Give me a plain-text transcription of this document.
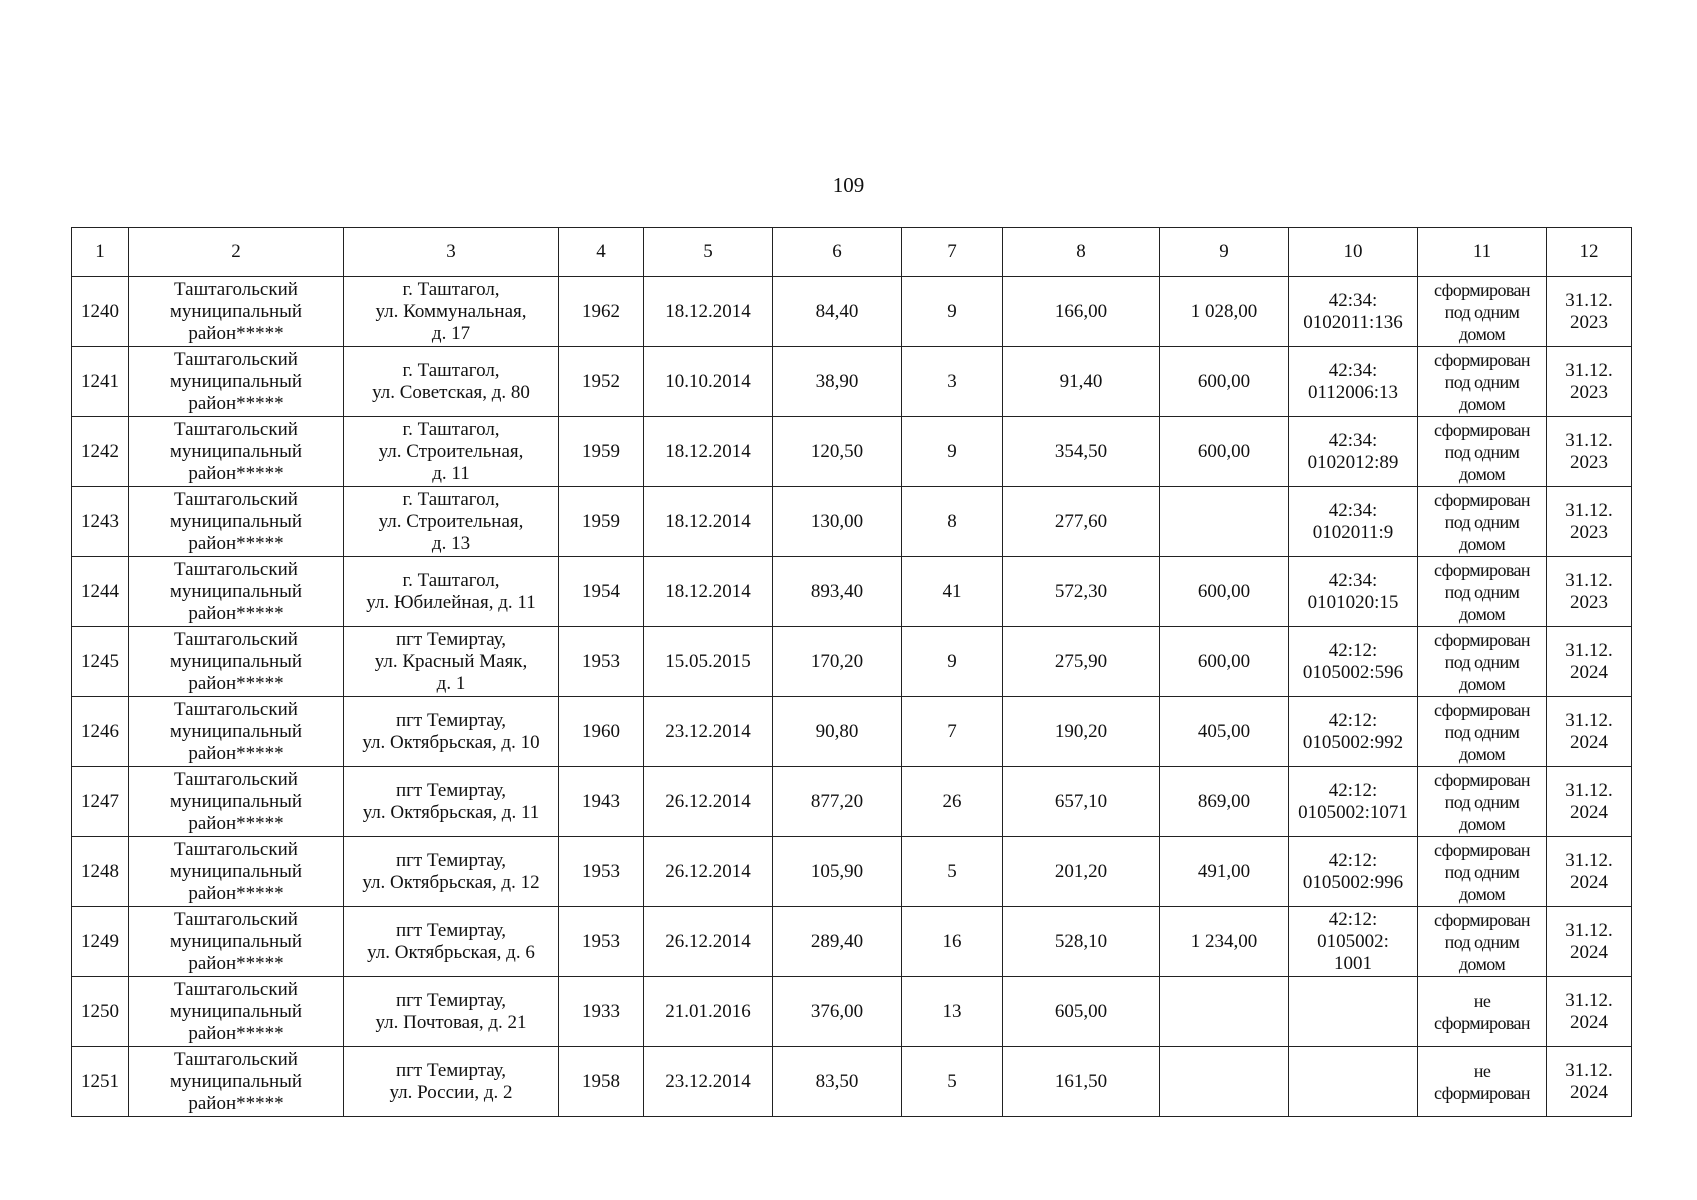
109
1	2	3	4	5	6	7	8	9	10	11	12
1240	Таштагольский
муниципальный
район*****	г. Таштагол,
ул. Коммунальная,
д. 17	1962	18.12.2014	84,40	9	166,00	1 028,00	42:34:
0102011:136	сформирован
под одним
домом	31.12.
2023

1241	Таштагольский
муниципальный
район*****	г. Таштагол,
ул. Советская, д. 80	1952	10.10.2014	38,90	3	91,40	600,00	42:34:
0112006:13	сформирован
под одним
домом	31.12.
2023

1242	Таштагольский
муниципальный
район*****	г. Таштагол,
ул. Строительная,
д. 11	1959	18.12.2014	120,50	9	354,50	600,00	42:34:
0102012:89	сформирован
под одним
домом	31.12.
2023

1243	Таштагольский
муниципальный
район*****	г. Таштагол,
ул. Строительная,
д. 13	1959	18.12.2014	130,00	8	277,60		42:34:
0102011:9	сформирован
под одним
домом	31.12.
2023

1244	Таштагольский
муниципальный
район*****	г. Таштагол,
ул. Юбилейная, д. 11	1954	18.12.2014	893,40	41	572,30	600,00	42:34:
0101020:15	сформирован
под одним
домом	31.12.
2023

1245	Таштагольский
муниципальный
район*****	пгт Темиртау,
ул. Красный Маяк,
д. 1	1953	15.05.2015	170,20	9	275,90	600,00	42:12:
0105002:596	сформирован
под одним
домом	31.12.
2024

1246	Таштагольский
муниципальный
район*****	пгт Темиртау,
ул. Октябрьская, д. 10	1960	23.12.2014	90,80	7	190,20	405,00	42:12:
0105002:992	сформирован
под одним
домом	31.12.
2024

1247	Таштагольский
муниципальный
район*****	пгт Темиртау,
ул. Октябрьская, д. 11	1943	26.12.2014	877,20	26	657,10	869,00	42:12:
0105002:1071	сформирован
под одним
домом	31.12.
2024

1248	Таштагольский
муниципальный
район*****	пгт Темиртау,
ул. Октябрьская, д. 12	1953	26.12.2014	105,90	5	201,20	491,00	42:12:
0105002:996	сформирован
под одним
домом	31.12.
2024

1249	Таштагольский
муниципальный
район*****	пгт Темиртау,
ул. Октябрьская, д. 6	1953	26.12.2014	289,40	16	528,10	1 234,00	42:12:
0105002:
1001	сформирован
под одним
домом	31.12.
2024

1250	Таштагольский
муниципальный
район*****	пгт Темиртау,
ул. Почтовая, д. 21	1933	21.01.2016	376,00	13	605,00			не
сформирован	31.12.
2024

1251	Таштагольский
муниципальный
район*****	пгт Темиртау,
ул. России, д. 2	1958	23.12.2014	83,50	5	161,50			не
сформирован	31.12.
2024
